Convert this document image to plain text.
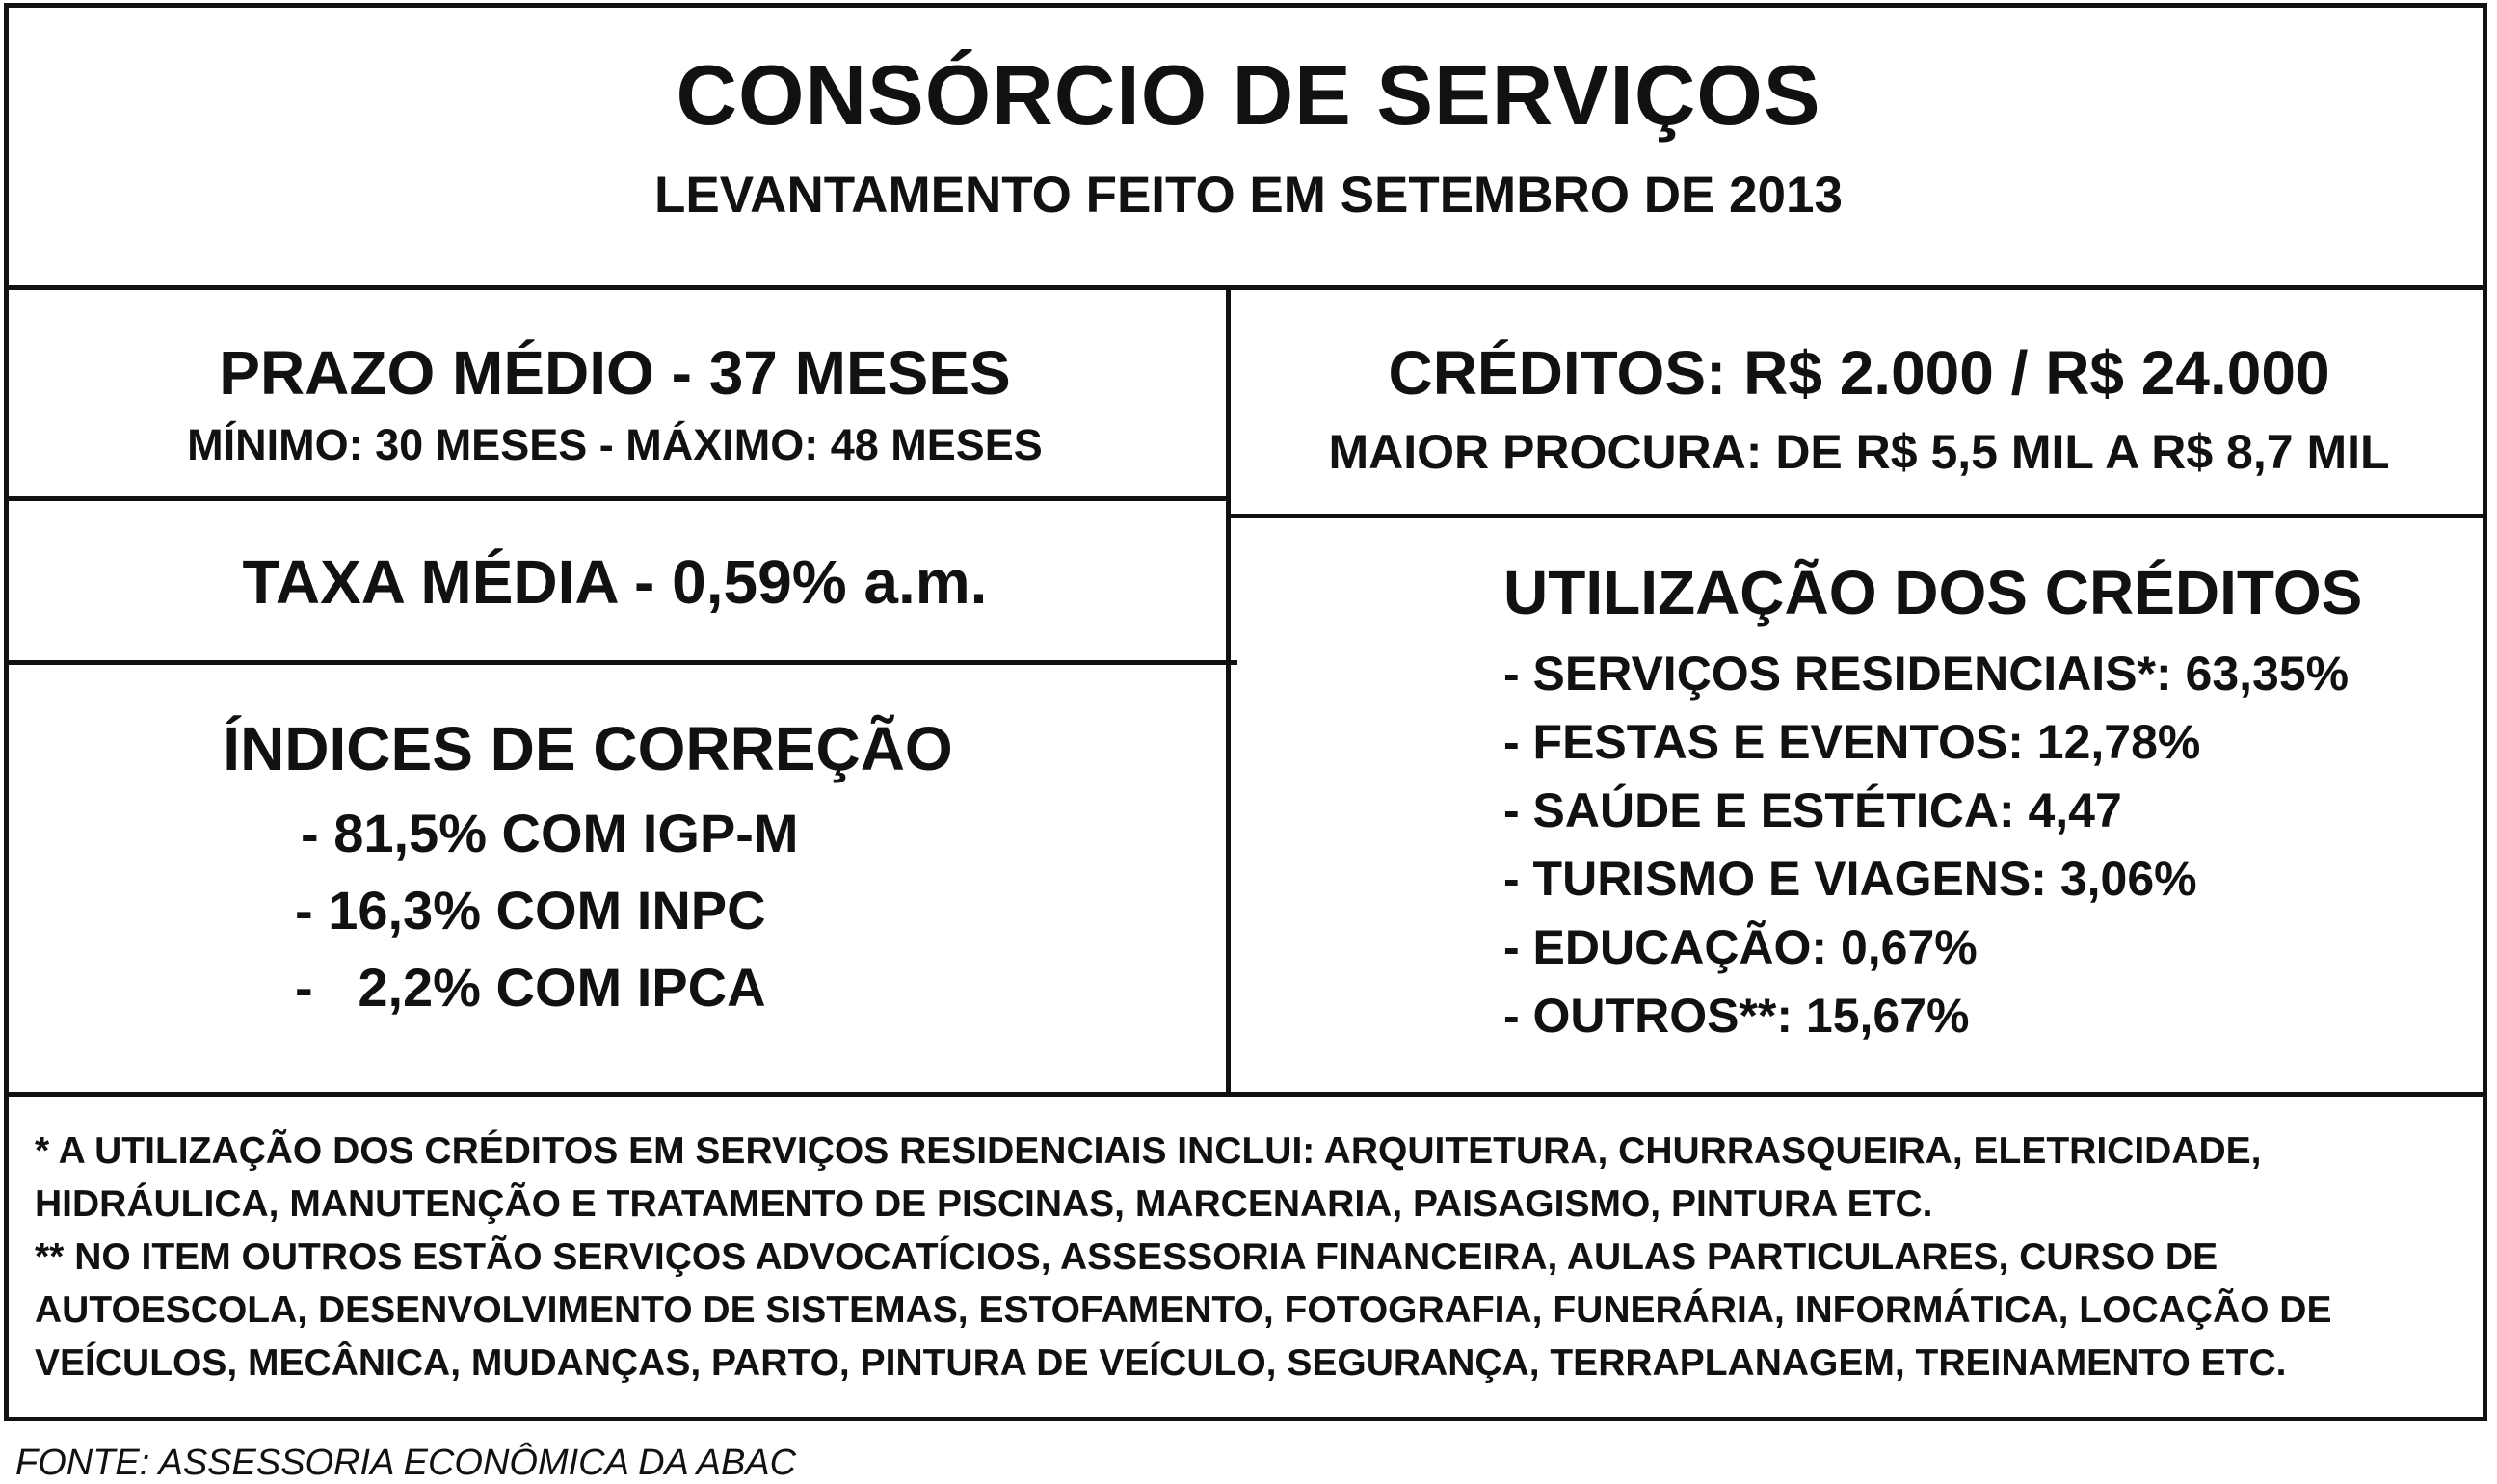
CONSÓRCIO DE SERVIÇOS
LEVANTAMENTO FEITO EM SETEMBRO DE 2013
PRAZO MÉDIO - 37 MESES
MÍNIMO: 30 MESES - MÁXIMO: 48 MESES
CRÉDITOS: R$ 2.000 / R$ 24.000
MAIOR PROCURA: DE R$ 5,5 MIL A R$ 8,7 MIL
TAXA MÉDIA - 0,59% a.m.
ÍNDICES DE CORREÇÃO
- 81,5% COM IGP-M
- 16,3% COM INPC
-   2,2% COM IPCA
UTILIZAÇÃO DOS CRÉDITOS
- SERVIÇOS RESIDENCIAIS*: 63,35%
- FESTAS E EVENTOS: 12,78%
- SAÚDE E ESTÉTICA: 4,47
- TURISMO E VIAGENS: 3,06%
- EDUCAÇÃO: 0,67%
- OUTROS**: 15,67%

* A UTILIZAÇÃO DOS CRÉDITOS EM SERVIÇOS RESIDENCIAIS INCLUI: ARQUITETURA, CHURRASQUEIRA, ELETRICIDADE, HIDRÁULICA, MANUTENÇÃO E TRATAMENTO DE PISCINAS, MARCENARIA, PAISAGISMO, PINTURA ETC.

** NO ITEM OUTROS ESTÃO SERVIÇOS ADVOCATÍCIOS, ASSESSORIA FINANCEIRA, AULAS PARTICULARES, CURSO DE AUTOESCOLA, DESENVOLVIMENTO DE SISTEMAS, ESTOFAMENTO, FOTOGRAFIA, FUNERÁRIA, INFORMÁTICA, LOCAÇÃO DE VEÍCULOS, MECÂNICA, MUDANÇAS, PARTO, PINTURA DE VEÍCULO, SEGURANÇA, TERRAPLANAGEM, TREINAMENTO ETC.

FONTE: ASSESSORIA ECONÔMICA DA ABAC
